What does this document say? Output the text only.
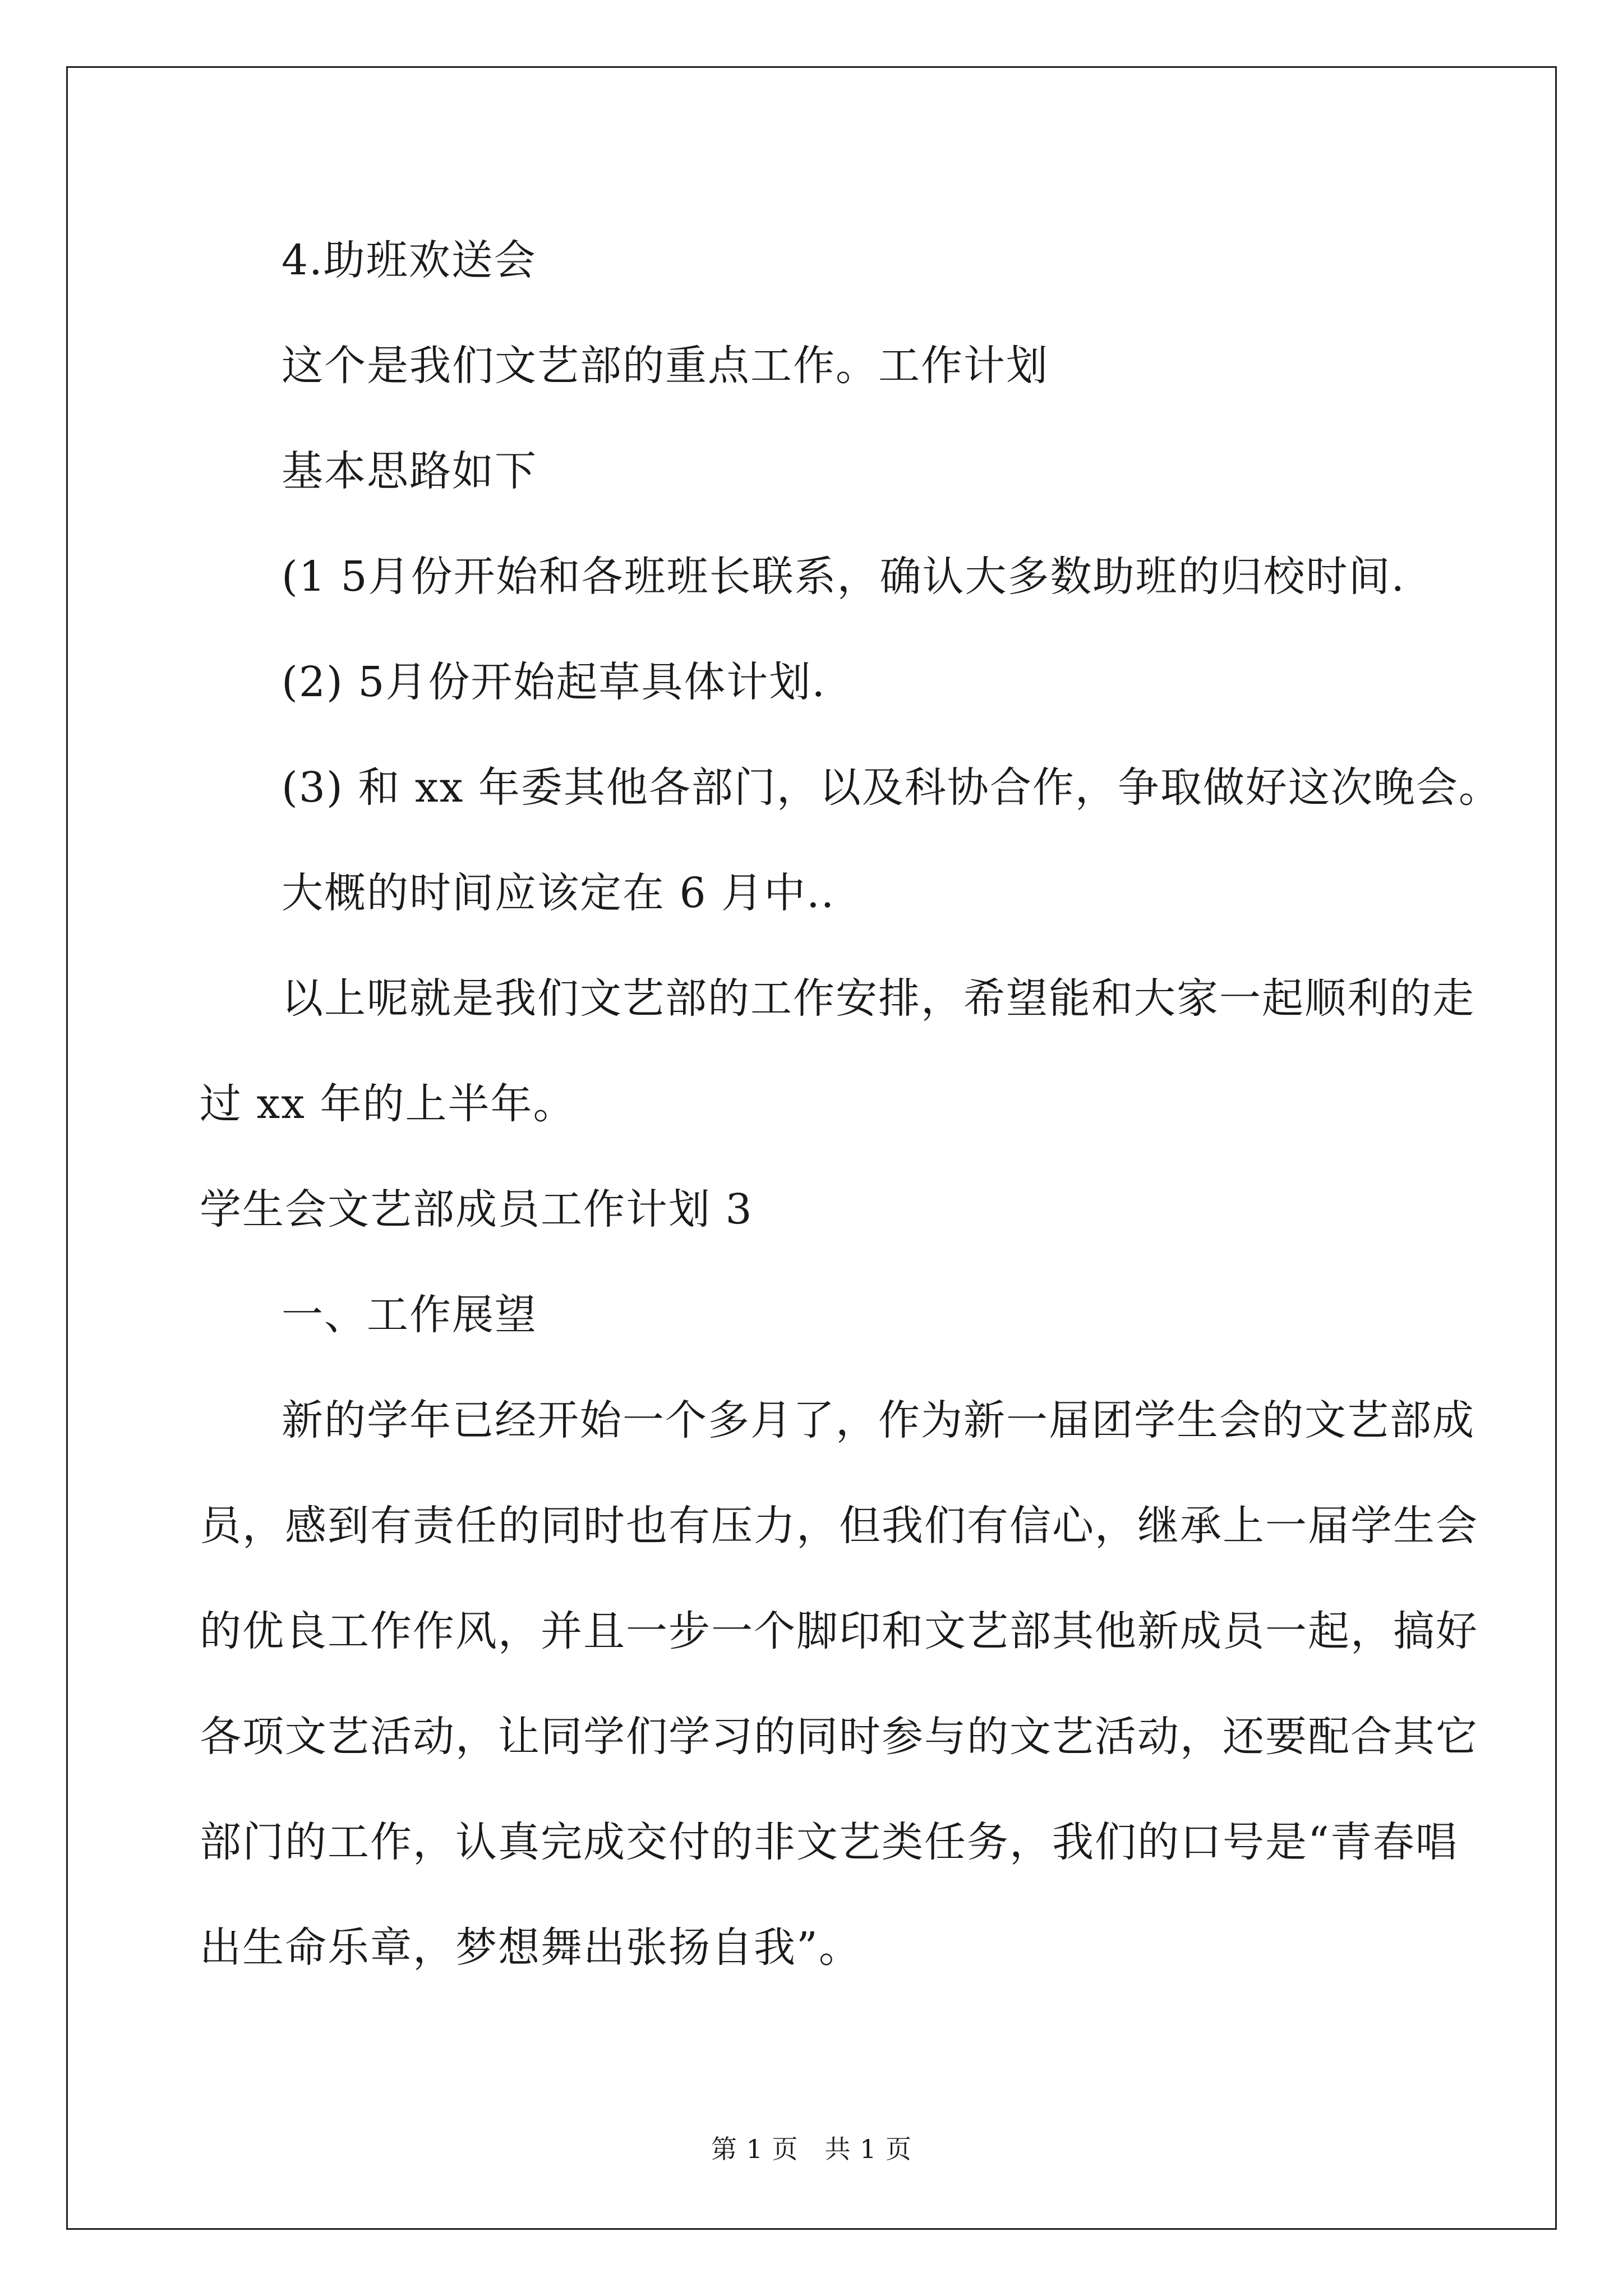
4.助班欢送会
这个是我们文艺部的重点工作。工作计划
基本思路如下
(1 5月份开始和各班班长联系，确认大多数助班的归校时间.
(2) 5月份开始起草具体计划.
(3) 和 xx 年委其他各部门，以及科协合作，争取做好这次晚会。
大概的时间应该定在 6 月中..
以上呢就是我们文艺部的工作安排，希望能和大家一起顺利的走
过 xx 年的上半年。
学生会文艺部成员工作计划 3
一、工作展望
新的学年已经开始一个多月了，作为新一届团学生会的文艺部成
员，感到有责任的同时也有压力，但我们有信心，继承上一届学生会
的优良工作作风，并且一步一个脚印和文艺部其他新成员一起，搞好
各项文艺活动，让同学们学习的同时参与的文艺活动，还要配合其它
部门的工作，认真完成交付的非文艺类任务，我们的口号是“青春唱
出生命乐章，梦想舞出张扬自我”。
第 1 页　共 1 页
